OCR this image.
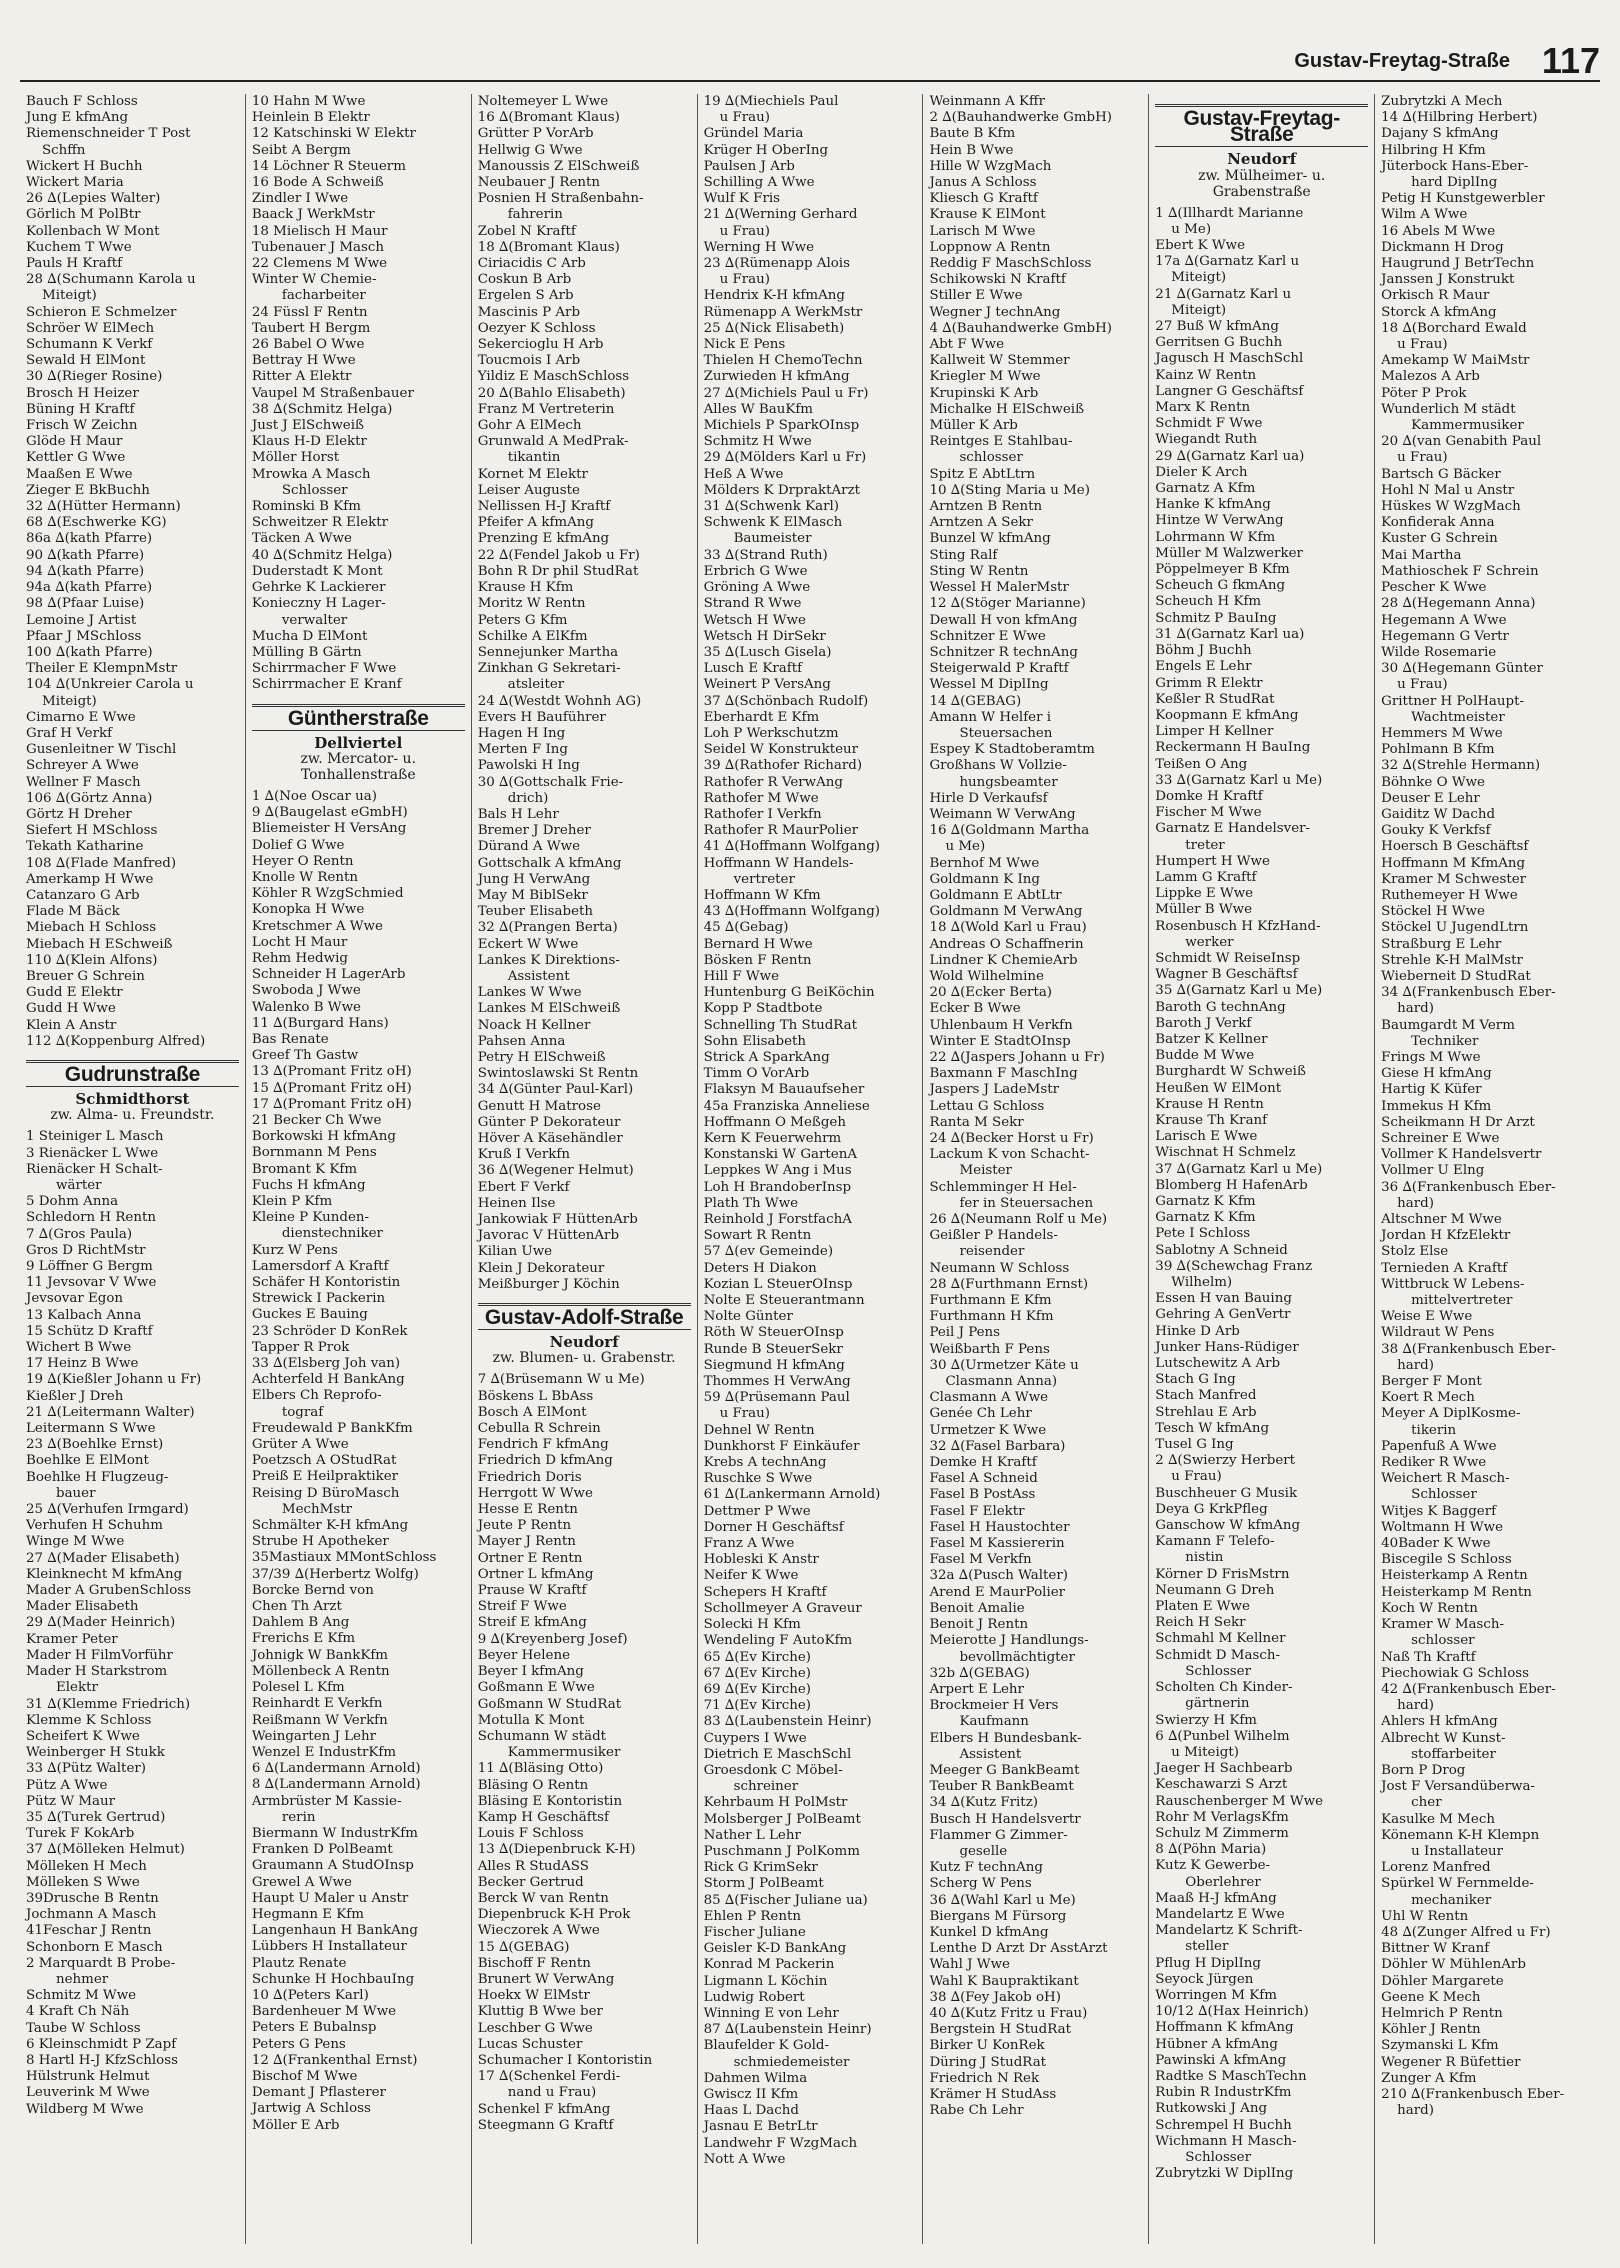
Gustav-Freytag-Straße 117
Bauch F Schloss
Jung E kfmAng
Riemenschneider T Post
Schffn
Wickert H Buchh
Wickert Maria
26 ∆(Lepies Walter)
Görlich M PolBtr
Kollenbach W Mont
Kuchem T Wwe
Pauls H Kraftf
28 ∆(Schumann Karola u
Miteigt)
Schieron E Schmelzer
Schröer W ElMech
Schumann K Verkf
Sewald H ElMont
30 ∆(Rieger Rosine)
Brosch H Heizer
Büning H Kraftf
Frisch W Zeichn
Glöde H Maur
Kettler G Wwe
Maaßen E Wwe
Zieger E BkBuchh
32 ∆(Hütter Hermann)
68 ∆(Eschwerke KG)
86a ∆(kath Pfarre)
90 ∆(kath Pfarre)
94 ∆(kath Pfarre)
94a ∆(kath Pfarre)
98 ∆(Pfaar Luise)
Lemoine J Artist
Pfaar J MSchloss
100 ∆(kath Pfarre)
Theiler E KlempnMstr
104 ∆(Unkreier Carola u
Miteigt)
Cimarno E Wwe
Graf H Verkf
Gusenleitner W Tischl
Schreyer A Wwe
Wellner F Masch
106 ∆(Görtz Anna)
Görtz H Dreher
Siefert H MSchloss
Tekath Katharine
108 ∆(Flade Manfred)
Amerkamp H Wwe
Catanzaro G Arb
Flade M Bäck
Miebach H Schloss
Miebach H ESchweiß
110 ∆(Klein Alfons)
Breuer G Schrein
Gudd E Elektr
Gudd H Wwe
Klein A Anstr
112 ∆(Koppenburg Alfred)
Gudrunstraße
Schmidthorst
zw. Alma- u. Freundstr.
1 Steiniger L Masch
3 Rienäcker L Wwe
Rienäcker H Schalt-
wärter
5 Dohm Anna
Schledorn H Rentn
7 ∆(Gros Paula)
Gros D RichtMstr
9 Löffner G Bergm
11 Jevsovar V Wwe
Jevsovar Egon
13 Kalbach Anna
15 Schütz D Kraftf
Wichert B Wwe
17 Heinz B Wwe
19 ∆(Kießler Johann u Fr)
Kießler J Dreh
21 ∆(Leitermann Walter)
Leitermann S Wwe
23 ∆(Boehlke Ernst)
Boehlke E ElMont
Boehlke H Flugzeug-
bauer
25 ∆(Verhufen Irmgard)
Verhufen H Schuhm
Winge M Wwe
27 ∆(Mader Elisabeth)
Kleinknecht M kfmAng
Mader A GrubenSchloss
Mader Elisabeth
29 ∆(Mader Heinrich)
Kramer Peter
Mader H FilmVorführ
Mader H Starkstrom
Elektr
31 ∆(Klemme Friedrich)
Klemme K Schloss
Scheifert K Wwe
Weinberger H Stukk
33 ∆(Pütz Walter)
Pütz A Wwe
Pütz W Maur
35 ∆(Turek Gertrud)
Turek F KokArb
37 ∆(Mölleken Helmut)
Mölleken H Mech
Mölleken S Wwe
39Drusche B Rentn
Jochmann A Masch
41Feschar J Rentn
Schonborn E Masch
2 Marquardt B Probe-
nehmer
Schmitz M Wwe
4 Kraft Ch Näh
Taube W Schloss
6 Kleinschmidt P Zapf
8 Hartl H-J KfzSchloss
Hülstrunk Helmut
Leuverink M Wwe
Wildberg M Wwe
10 Hahn M Wwe
Heinlein B Elektr
12 Katschinski W Elektr
Seibt A Bergm
14 Löchner R Steuerm
16 Bode A Schweiß
Zindler I Wwe
Baack J WerkMstr
18 Mielisch H Maur
Tubenauer J Masch
22 Clemens M Wwe
Winter W Chemie-
facharbeiter
24 Füssl F Rentn
Taubert H Bergm
26 Babel O Wwe
Bettray H Wwe
Ritter A Elektr
Vaupel M Straßenbauer
38 ∆(Schmitz Helga)
Just J ElSchweiß
Klaus H-D Elektr
Möller Horst
Mrowka A Masch
Schlosser
Rominski B Kfm
Schweitzer R Elektr
Täcken A Wwe
40 ∆(Schmitz Helga)
Duderstadt K Mont
Gehrke K Lackierer
Konieczny H Lager-
verwalter
Mucha D ElMont
Mülling B Gärtn
Schirrmacher F Wwe
Schirrmacher E Kranf
Güntherstraße
Dellviertel
zw. Mercator- u. Tonhallenstraße
1 ∆(Noe Oscar ua)
9 ∆(Baugelast eGmbH)
Bliemeister H VersAng
Dolief G Wwe
Heyer O Rentn
Knolle W Rentn
Köhler R WzgSchmied
Konopka H Wwe
Kretschmer A Wwe
Locht H Maur
Rehm Hedwig
Schneider H LagerArb
Swoboda J Wwe
Walenko B Wwe
11 ∆(Burgard Hans)
Bas Renate
Greef Th Gastw
13 ∆(Promant Fritz oH)
15 ∆(Promant Fritz oH)
17 ∆(Promant Fritz oH)
21 Becker Ch Wwe
Borkowski H kfmAng
Bornmann M Pens
Bromant K Kfm
Fuchs H kfmAng
Klein P Kfm
Kleine P Kunden-
dienstechniker
Kurz W Pens
Lamersdorf A Kraftf
Schäfer H Kontoristin
Strewick I Packerin
Guckes E Bauing
23 Schröder D KonRek
Tapper R Prok
33 ∆(Elsberg Joh van)
Achterfeld H BankAng
Elbers Ch Reprofo-
tograf
Freudewald P BankKfm
Grüter A Wwe
Poetzsch A OStudRat
Preiß E Heilpraktiker
Reising D BüroMasch
MechMstr
Schmälter K-H kfmAng
Strube H Apotheker
35Mastiaux MMontSchloss
37/39 ∆(Herbertz Wolfg)
Borcke Bernd von
Chen Th Arzt
Dahlem B Ang
Frerichs E Kfm
Johnigk W BankKfm
Möllenbeck A Rentn
Polesel L Kfm
Reinhardt E Verkfn
Reißmann W Verkfn
Weingarten J Lehr
Wenzel E IndustrKfm
6 ∆(Landermann Arnold)
8 ∆(Landermann Arnold)
Armbrüster M Kassie-
rerin
Biermann W IndustrKfm
Franken D PolBeamt
Graumann A StudOInsp
Grewel A Wwe
Haupt U Maler u Anstr
Hegmann E Kfm
Langenhaun H BankAng
Lübbers H Installateur
Plautz Renate
Schunke H HochbauIng
10 ∆(Peters Karl)
Bardenheuer M Wwe
Peters E Bubalnsp
Peters G Pens
12 ∆(Frankenthal Ernst)
Bischof M Wwe
Demant J Pflasterer
Jartwig A Schloss
Möller E Arb
Noltemeyer L Wwe
16 ∆(Bromant Klaus)
Grütter P VorArb
Hellwig G Wwe
Manoussis Z ElSchweiß
Neubauer J Rentn
Posnien H Straßenbahn-
fahrerin
Zobel N Kraftf
18 ∆(Bromant Klaus)
Ciriacidis C Arb
Coskun B Arb
Ergelen S Arb
Mascinis P Arb
Oezyer K Schloss
Sekercioglu H Arb
Toucmois I Arb
Yildiz E MaschSchloss
20 ∆(Bahlo Elisabeth)
Franz M Vertreterin
Gohr A ElMech
Grunwald A MedPrak-
tikantin
Kornet M Elektr
Leiser Auguste
Nellissen H-J Kraftf
Pfeifer A kfmAng
Prenzing E kfmAng
22 ∆(Fendel Jakob u Fr)
Bohn R Dr phil StudRat
Krause H Kfm
Moritz W Rentn
Peters G Kfm
Schilke A ElKfm
Sennejunker Martha
Zinkhan G Sekretari-
atsleiter
24 ∆(Westdt Wohnh AG)
Evers H Bauführer
Hagen H Ing
Merten F Ing
Pawolski H Ing
30 ∆(Gottschalk Frie-
drich)
Bals H Lehr
Bremer J Dreher
Dürand A Wwe
Gottschalk A kfmAng
Jung H VerwAng
May M BiblSekr
Teuber Elisabeth
32 ∆(Prangen Berta)
Eckert W Wwe
Lankes K Direktions-
Assistent
Lankes W Wwe
Lankes M ElSchweiß
Noack H Kellner
Pahsen Anna
Petry H ElSchweiß
Swintoslawski St Rentn
34 ∆(Günter Paul-Karl)
Genutt H Matrose
Günter P Dekorateur
Höver A Käsehändler
Kruß I Verkfn
36 ∆(Wegener Helmut)
Ebert F Verkf
Heinen Ilse
Jankowiak F HüttenArb
Javorac V HüttenArb
Kilian Uwe
Klein J Dekorateur
Meißburger J Köchin
Gustav-Adolf-Straße
Neudorf
zw. Blumen- u. Grabenstr.
7 ∆(Brüsemann W u Me)
Böskens L BbAss
Bosch A ElMont
Cebulla R Schrein
Fendrich F kfmAng
Friedrich D kfmAng
Friedrich Doris
Herrgott W Wwe
Hesse E Rentn
Jeute P Rentn
Mayer J Rentn
Ortner E Rentn
Ortner L kfmAng
Prause W Kraftf
Streif F Wwe
Streif E kfmAng
9 ∆(Kreyenberg Josef)
Beyer Helene
Beyer I kfmAng
Goßmann E Wwe
Goßmann W StudRat
Motulla K Mont
Schumann W städt
Kammermusiker
11 ∆(Bläsing Otto)
Bläsing O Rentn
Bläsing E Kontoristin
Kamp H Geschäftsf
Louis F Schloss
13 ∆(Diepenbruck K-H)
Alles R StudASS
Becker Gertrud
Berck W van Rentn
Diepenbruck K-H Prok
Wieczorek A Wwe
15 ∆(GEBAG)
Bischoff F Rentn
Brunert W VerwAng
Hoekx W ElMstr
Kluttig B Wwe ber
Leschber G Wwe
Lucas Schuster
Schumacher I Kontoristin
17 ∆(Schenkel Ferdi-
nand u Frau)
Schenkel F kfmAng
Steegmann G Kraftf
19 ∆(Miechiels Paul
u Frau)
Gründel Maria
Krüger H OberIng
Paulsen J Arb
Schilling A Wwe
Wulf K Fris
21 ∆(Werning Gerhard
u Frau)
Werning H Wwe
23 ∆(Rümenapp Alois
u Frau)
Hendrix K-H kfmAng
Rümenapp A WerkMstr
25 ∆(Nick Elisabeth)
Nick E Pens
Thielen H ChemoTechn
Zurwieden H kfmAng
27 ∆(Michiels Paul u Fr)
Alles W BauKfm
Michiels P SparkOInsp
Schmitz H Wwe
29 ∆(Mölders Karl u Fr)
Heß A Wwe
Mölders K DrpraktArzt
31 ∆(Schwenk Karl)
Schwenk K ElMasch
Baumeister
33 ∆(Strand Ruth)
Erbrich G Wwe
Gröning A Wwe
Strand R Wwe
Wetsch H Wwe
Wetsch H DirSekr
35 ∆(Lusch Gisela)
Lusch E Kraftf
Weinert P VersAng
37 ∆(Schönbach Rudolf)
Eberhardt E Kfm
Loh P Werkschutzm
Seidel W Konstrukteur
39 ∆(Rathofer Richard)
Rathofer R VerwAng
Rathofer M Wwe
Rathofer I Verkfn
Rathofer R MaurPolier
41 ∆(Hoffmann Wolfgang)
Hoffmann W Handels-
vertreter
Hoffmann W Kfm
43 ∆(Hoffmann Wolfgang)
45 ∆(Gebag)
Bernard H Wwe
Bösken F Rentn
Hill F Wwe
Huntenburg G BeiKöchin
Kopp P Stadtbote
Schnelling Th StudRat
Sohn Elisabeth
Strick A SparkAng
Timm O VorArb
Flaksyn M Bauaufseher
45a Franziska Anneliese
Hoffmann O Meßgeh
Kern K Feuerwehrm
Konstanski W GartenA
Leppkes W Ang i Mus
Loh H BrandoberInsp
Plath Th Wwe
Reinhold J ForstfachA
Sowart R Rentn
57 ∆(ev Gemeinde)
Deters H Diakon
Kozian L SteuerOInsp
Nolte E Steuerantmann
Nolte Günter
Röth W SteuerOInsp
Runde B SteuerSekr
Siegmund H kfmAng
Thommes H VerwAng
59 ∆(Prüsemann Paul
u Frau)
Dehnel W Rentn
Dunkhorst F Einkäufer
Krebs A technAng
Ruschke S Wwe
61 ∆(Lankermann Arnold)
Dettmer P Wwe
Dorner H Geschäftsf
Franz A Wwe
Hobleski K Anstr
Neifer K Wwe
Schepers H Kraftf
Schollmeyer A Graveur
Solecki H Kfm
Wendeling F AutoKfm
65 ∆(Ev Kirche)
67 ∆(Ev Kirche)
69 ∆(Ev Kirche)
71 ∆(Ev Kirche)
83 ∆(Laubenstein Heinr)
Cuypers I Wwe
Dietrich E MaschSchl
Groesdonk C Möbel-
schreiner
Kehrbaum H PolMstr
Molsberger J PolBeamt
Nather L Lehr
Puschmann J PolKomm
Rick G KrimSekr
Storm J PolBeamt
85 ∆(Fischer Juliane ua)
Ehlen P Rentn
Fischer Juliane
Geisler K-D BankAng
Konrad M Packerin
Ligmann L Köchin
Ludwig Robert
Winning E von Lehr
87 ∆(Laubenstein Heinr)
Blaufelder K Gold-
schmiedemeister
Dahmen Wilma
Gwiscz II Kfm
Haas L Dachd
Jasnau E BetrLtr
Landwehr F WzgMach
Nott A Wwe
Weinmann A Kffr
2 ∆(Bauhandwerke GmbH)
Baute B Kfm
Hein B Wwe
Hille W WzgMach
Janus A Schloss
Kliesch G Kraftf
Krause K ElMont
Larisch M Wwe
Loppnow A Rentn
Reddig F MaschSchloss
Schikowski N Kraftf
Stiller E Wwe
Wegner J technAng
4 ∆(Bauhandwerke GmbH)
Abt F Wwe
Kallweit W Stemmer
Kriegler M Wwe
Krupinski K Arb
Michalke H ElSchweiß
Müller K Arb
Reintges E Stahlbau-
schlosser
Spitz E AbtLtrn
10 ∆(Sting Maria u Me)
Arntzen B Rentn
Arntzen A Sekr
Bunzel W kfmAng
Sting Ralf
Sting W Rentn
Wessel H MalerMstr
12 ∆(Stöger Marianne)
Dewall H von kfmAng
Schnitzer E Wwe
Schnitzer R technAng
Steigerwald P Kraftf
Wessel M DiplIng
14 ∆(GEBAG)
Amann W Helfer i
Steuersachen
Espey K Stadtoberamtm
Großhans W Vollzie-
hungsbeamter
Hirle D Verkaufsf
Weimann W VerwAng
16 ∆(Goldmann Martha
u Me)
Bernhof M Wwe
Goldmann K Ing
Goldmann E AbtLtr
Goldmann M VerwAng
18 ∆(Wold Karl u Frau)
Andreas O Schaffnerin
Lindner K ChemieArb
Wold Wilhelmine
20 ∆(Ecker Berta)
Ecker B Wwe
Uhlenbaum H Verkfn
Winter E StadtOInsp
22 ∆(Jaspers Johann u Fr)
Baxmann F MaschIng
Jaspers J LadeMstr
Lettau G Schloss
Ranta M Sekr
24 ∆(Becker Horst u Fr)
Lackum K von Schacht-
Meister
Schlemminger H Hel-
fer in Steuersachen
26 ∆(Neumann Rolf u Me)
Geißler P Handels-
reisender
Neumann W Schloss
28 ∆(Furthmann Ernst)
Furthmann E Kfm
Furthmann H Kfm
Peil J Pens
Weißbarth F Pens
30 ∆(Urmetzer Käte u
Clasmann Anna)
Clasmann A Wwe
Genée Ch Lehr
Urmetzer K Wwe
32 ∆(Fasel Barbara)
Demke H Kraftf
Fasel A Schneid
Fasel B PostAss
Fasel F Elektr
Fasel H Haustochter
Fasel M Kassiererin
Fasel M Verkfn
32a ∆(Pusch Walter)
Arend E MaurPolier
Benoit Amalie
Benoit J Rentn
Meierotte J Handlungs-
bevollmächtigter
32b ∆(GEBAG)
Arpert E Lehr
Brockmeier H Vers
Kaufmann
Elbers H Bundesbank-
Assistent
Meeger G BankBeamt
Teuber R BankBeamt
34 ∆(Kutz Fritz)
Busch H Handelsvertr
Flammer G Zimmer-
geselle
Kutz F technAng
Scherg W Pens
36 ∆(Wahl Karl u Me)
Biergans M Fürsorg
Kunkel D kfmAng
Lenthe D Arzt Dr AsstArzt
Wahl J Wwe
Wahl K Baupraktikant
38 ∆(Fey Jakob oH)
40 ∆(Kutz Fritz u Frau)
Bergstein H StudRat
Birker U KonRek
Düring J StudRat
Friedrich N Rek
Krämer H StudAss
Rabe Ch Lehr
Gustav-Freytag-Straße
Neudorf
zw. Mülheimer- u. Grabenstraße
1 ∆(Illhardt Marianne
u Me)
Ebert K Wwe
17a ∆(Garnatz Karl u
Miteigt)
21 ∆(Garnatz Karl u
Miteigt)
27 Buß W kfmAng
Gerritsen G Buchh
Jagusch H MaschSchl
Kainz W Rentn
Langner G Geschäftsf
Marx K Rentn
Schmidt F Wwe
Wiegandt Ruth
29 ∆(Garnatz Karl ua)
Dieler K Arch
Garnatz A Kfm
Hanke K kfmAng
Hintze W VerwAng
Lohrmann W Kfm
Müller M Walzwerker
Pöppelmeyer B Kfm
Scheuch G fkmAng
Scheuch H Kfm
Schmitz P BauIng
31 ∆(Garnatz Karl ua)
Böhm J Buchh
Engels E Lehr
Grimm R Elektr
Keßler R StudRat
Koopmann E kfmAng
Limper H Kellner
Reckermann H BauIng
Teißen O Ang
33 ∆(Garnatz Karl u Me)
Domke H Kraftf
Fischer M Wwe
Garnatz E Handelsver-
treter
Humpert H Wwe
Lamm G Kraftf
Lippke E Wwe
Müller B Wwe
Rosenbusch H KfzHand-
werker
Schmidt W ReiseInsp
Wagner B Geschäftsf
35 ∆(Garnatz Karl u Me)
Baroth G technAng
Baroth J Verkf
Batzer K Kellner
Budde M Wwe
Burghardt W Schweiß
Heußen W ElMont
Krause H Rentn
Krause Th Kranf
Larisch E Wwe
Wischnat H Schmelz
37 ∆(Garnatz Karl u Me)
Blomberg H HafenArb
Garnatz K Kfm
Garnatz K Kfm
Pete I Schloss
Sablotny A Schneid
39 ∆(Schewchag Franz
Wilhelm)
Essen H van Bauing
Gehring A GenVertr
Hinke D Arb
Junker Hans-Rüdiger
Lutschewitz A Arb
Stach G Ing
Stach Manfred
Strehlau E Arb
Tesch W kfmAng
Tusel G Ing
2 ∆(Swierzy Herbert
u Frau)
Buschheuer G Musik
Deya G KrkPfleg
Ganschow W kfmAng
Kamann F Telefo-
nistin
Körner D FrisMstrn
Neumann G Dreh
Platen E Wwe
Reich H Sekr
Schmahl M Kellner
Schmidt D Masch-
Schlosser
Scholten Ch Kinder-
gärtnerin
Swierzy H Kfm
6 ∆(Punbel Wilhelm
u Miteigt)
Jaeger H Sachbearb
Keschawarzi S Arzt
Rauschenberger M Wwe
Rohr M VerlagsKfm
Schulz M Zimmerm
8 ∆(Pöhn Maria)
Kutz K Gewerbe-
Oberlehrer
Maaß H-J kfmAng
Mandelartz E Wwe
Mandelartz K Schrift-
steller
Pflug H DiplIng
Seyock Jürgen
Worringen M Kfm
10/12 ∆(Hax Heinrich)
Hoffmann K kfmAng
Hübner A kfmAng
Pawinski A kfmAng
Radtke S MaschTechn
Rubin R IndustrKfm
Rutkowski J Ang
Schrempel H Buchh
Wichmann H Masch-
Schlosser
Zubrytzki W DiplIng
Zubrytzki A Mech
14 ∆(Hilbring Herbert)
Dajany S kfmAng
Hilbring H Kfm
Jüterbock Hans-Eber-
hard DiplIng
Petig H Kunstgewerbler
Wilm A Wwe
16 Abels M Wwe
Dickmann H Drog
Haugrund J BetrTechn
Janssen J Konstrukt
Orkisch R Maur
Storck A kfmAng
18 ∆(Borchard Ewald
u Frau)
Amekamp W MaiMstr
Malezos A Arb
Pöter P Prok
Wunderlich M städt
Kammermusiker
20 ∆(van Genabith Paul
u Frau)
Bartsch G Bäcker
Hohl N Mal u Anstr
Hüskes W WzgMach
Konfiderak Anna
Kuster G Schrein
Mai Martha
Mathioschek F Schrein
Pescher K Wwe
28 ∆(Hegemann Anna)
Hegemann A Wwe
Hegemann G Vertr
Wilde Rosemarie
30 ∆(Hegemann Günter
u Frau)
Grittner H PolHaupt-
Wachtmeister
Hemmers M Wwe
Pohlmann B Kfm
32 ∆(Strehle Hermann)
Böhnke O Wwe
Deuser E Lehr
Gaiditz W Dachd
Gouky K Verkfsf
Hoersch B Geschäftsf
Hoffmann M KfmAng
Kramer M Schwester
Ruthemeyer H Wwe
Stöckel H Wwe
Stöckel U JugendLtrn
Straßburg E Lehr
Strehle K-H MalMstr
Wieberneit D StudRat
34 ∆(Frankenbusch Eber-
hard)
Baumgardt M Verm
Techniker
Frings M Wwe
Giese H kfmAng
Hartig K Küfer
Immekus H Kfm
Scheikmann H Dr Arzt
Schreiner E Wwe
Vollmer K Handelsvertr
Vollmer U Elng
36 ∆(Frankenbusch Eber-
hard)
Altschner M Wwe
Jordan H KfzElektr
Stolz Else
Ternieden A Kraftf
Wittbruck W Lebens-
mittelvertreter
Weise E Wwe
Wildraut W Pens
38 ∆(Frankenbusch Eber-
hard)
Berger F Mont
Koert R Mech
Meyer A DiplKosme-
tikerin
Papenfuß A Wwe
Rediker R Wwe
Weichert R Masch-
Schlosser
Witjes K Baggerf
Woltmann H Wwe
40Bader K Wwe
Biscegile S Schloss
Heisterkamp A Rentn
Heisterkamp M Rentn
Koch W Rentn
Kramer W Masch-
schlosser
Naß Th Kraftf
Piechowiak G Schloss
42 ∆(Frankenbusch Eber-
hard)
Ahlers H kfmAng
Albrecht W Kunst-
stoffarbeiter
Born P Drog
Jost F Versandüberwa-
cher
Kasulke M Mech
Könemann K-H Klempn
u Installateur
Lorenz Manfred
Spürkel W Fernmelde-
mechaniker
Uhl W Rentn
48 ∆(Zunger Alfred u Fr)
Bittner W Kranf
Döhler W MühlenArb
Döhler Margarete
Geene K Mech
Helmrich P Rentn
Köhler J Rentn
Szymanski L Kfm
Wegener R Büfettier
Zunger A Kfm
210 ∆(Frankenbusch Eber-
hard)
